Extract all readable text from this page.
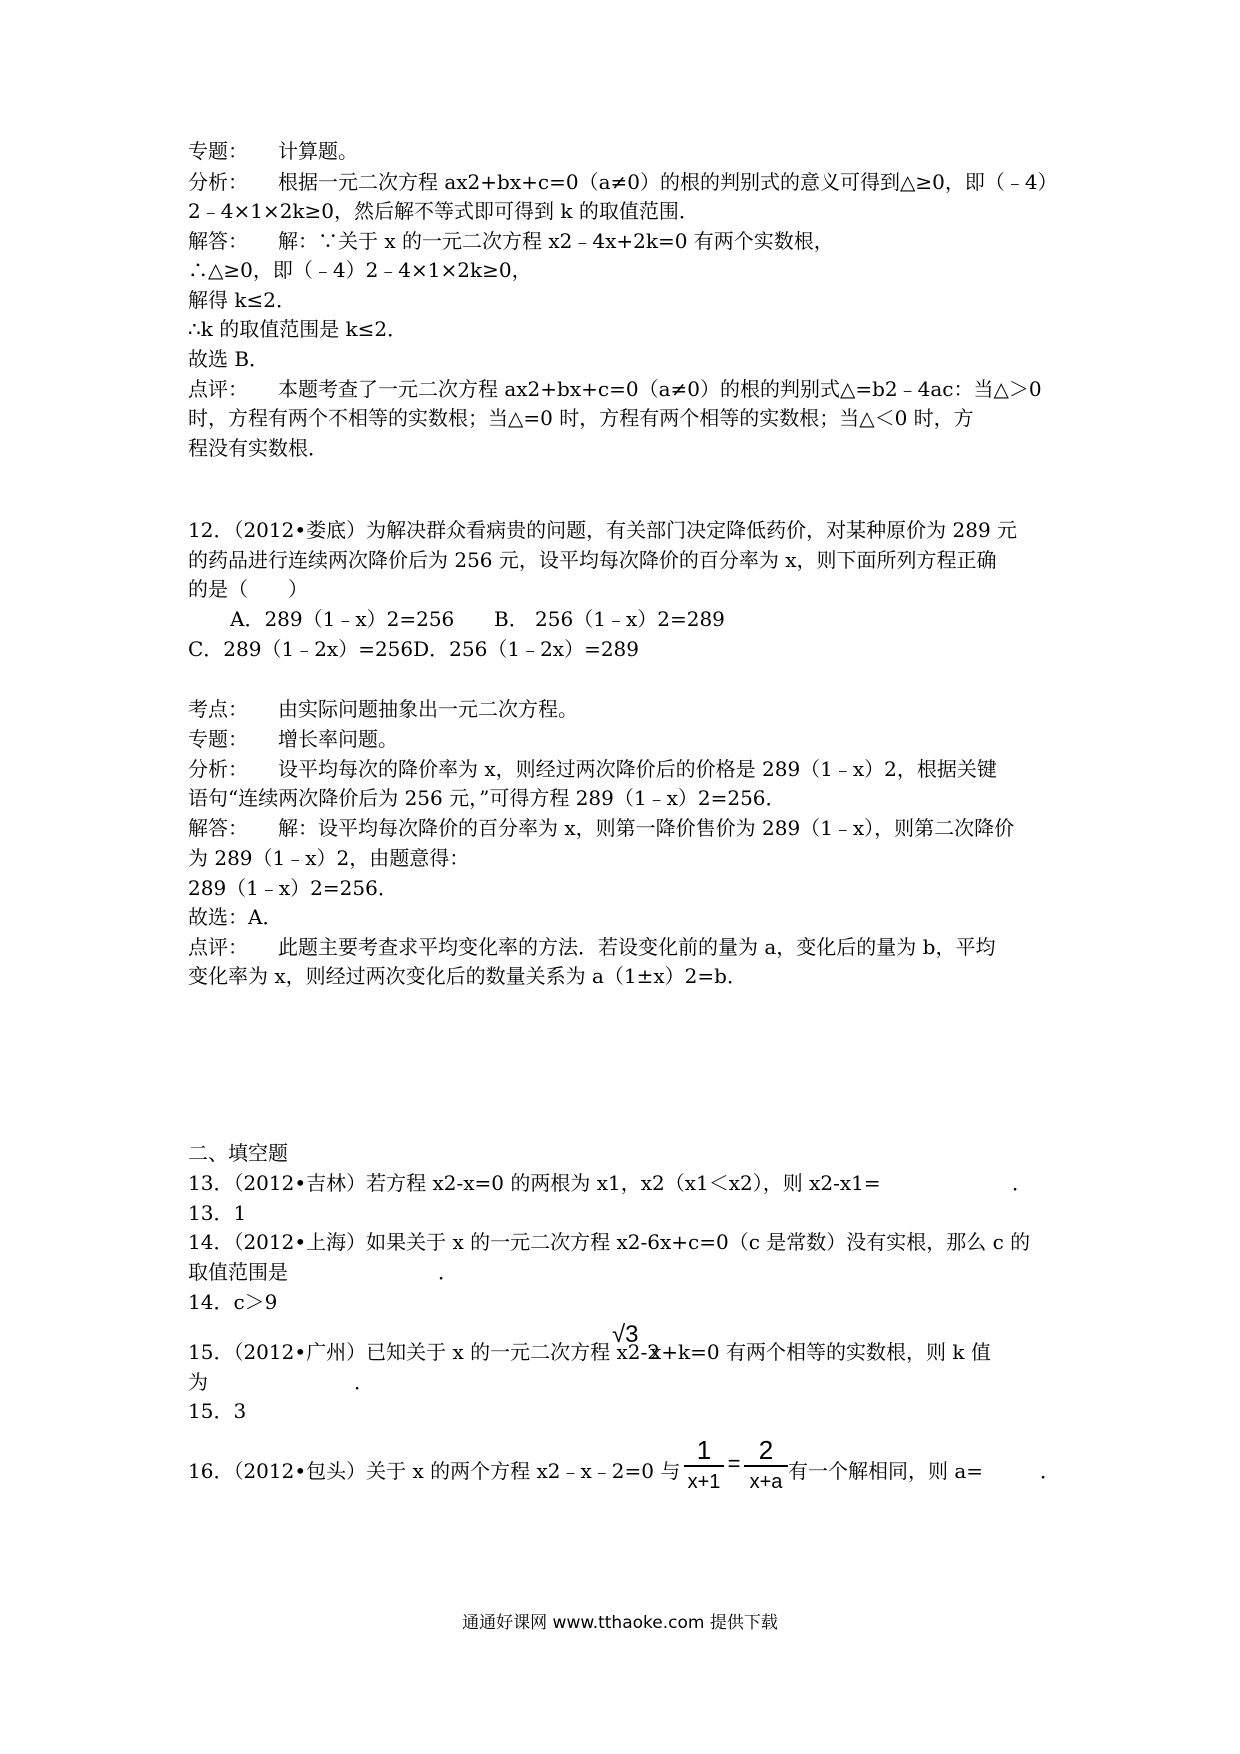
专题： 计算题。
分析： 根据一元二次方程 ax2+bx+c=0（a≠0）的根的判别式的意义可得到△≥0，即（﹣4）
2﹣4×1×2k≥0，然后解不等式即可得到 k 的取值范围．
解答： 解：∵关于 x 的一元二次方程 x2﹣4x+2k=0 有两个实数根，
∴△≥0，即（﹣4）2﹣4×1×2k≥0，
解得 k≤2．
∴k 的取值范围是 k≤2．
故选 B．
点评： 本题考查了一元二次方程 ax2+bx+c=0（a≠0）的根的判别式△=b2﹣4ac：当△＞0
时，方程有两个不相等的实数根；当△=0 时，方程有两个相等的实数根；当△＜0 时，方
程没有实数根．
12．（2012•娄底）为解决群众看病贵的问题，有关部门决定降低药价，对某种原价为 289 元
的药品进行连续两次降价后为 256 元，设平均每次降价的百分率为 x，则下面所列方程正确
的是（　　）
A．289（1﹣x）2=256 B． 256（1﹣x）2=289
C．289（1﹣2x）=256D．256（1﹣2x）=289
考点： 由实际问题抽象出一元二次方程。
专题： 增长率问题。
分析： 设平均每次的降价率为 x，则经过两次降价后的价格是 289（1﹣x）2，根据关键
语句“连续两次降价后为 256 元，”可得方程 289（1﹣x）2=256．
解答： 解：设平均每次降价的百分率为 x，则第一降价售价为 289（1﹣x），则第二次降价
为 289（1﹣x）2，由题意得：
289（1﹣x）2=256．
故选：A．
点评： 此题主要考查求平均变化率的方法．若设变化前的量为 a，变化后的量为 b，平均
变化率为 x，则经过两次变化后的数量关系为 a（1±x）2=b．
二、填空题
13．（2012•吉林）若方程 x2-x=0 的两根为 x1，x2（x1＜x2），则 x2-x1=	．
13．1
14．（2012•上海）如果关于 x 的一元二次方程 x2-6x+c=0（c 是常数）没有实根，那么 c 的
取值范围是	．
14．c＞9
15．（2012•广州）已知关于 x 的一元二次方程 x2-2
√3
x+k=0 有两个相等的实数根，则 k 值
为	．
15．3
16．（2012•包头）关于 x 的两个方程 x2﹣x﹣2=0 与
1
x+1
= 2
x+a 有一个解相同，则 a=	．
通通好课网 www.tthaoke.com 提供下载
